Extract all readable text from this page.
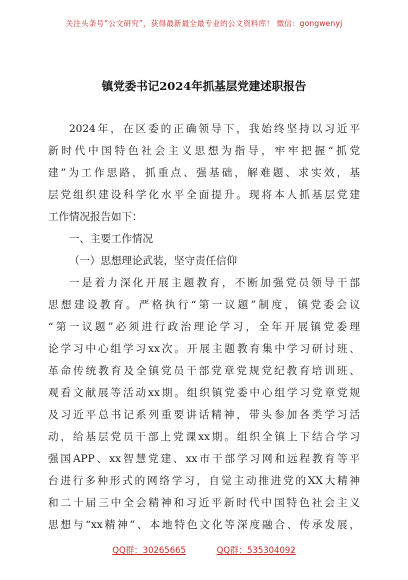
关注头条号“公文研究”，获得最新最全最专业的公文资料库！ 微信：gongwenyj
镇党委书记2024年抓基层党建述职报告
2024年，在区委的正确领导下，我始终坚持以习近平
新时代中国特色社会主义思想为指导，牢牢把握“抓党
建”为工作思路，抓重点、强基础，解难题、求实效，基
层党组织建设科学化水平全面提升。现将本人抓基层党建
工作情况报告如下：
一、主要工作情况
（一）思想理论武装，坚守责任信仰
一是着力深化开展主题教育，不断加强党员领导干部
思想建设教育。严格执行“第一议题”制度，镇党委会议
“第一议题”必须进行政治理论学习，全年开展镇党委理
论学习中心组学习xx次。开展主题教育集中学习研讨班、
革命传统教育及全镇党员干部党章党规党纪教育培训班、
观看文献展等活动xx期。组织镇党委中心组学习党章党规
及习近平总书记系列重要讲话精神，带头参加各类学习活
动，给基层党员干部上党课xx期。组织全镇上下结合学习
强国APP、xx智慧党建、xx市干部学习网和远程教育等平
台进行多种形式的网络学习，自觉主动推进党的XX大精神
和二十届三中全会精神和习近平新时代中国特色社会主义
思想与“xx精神”、本地特色文化等深度融合、传承发展，
QQ群：30265665	QQ群：535304092
